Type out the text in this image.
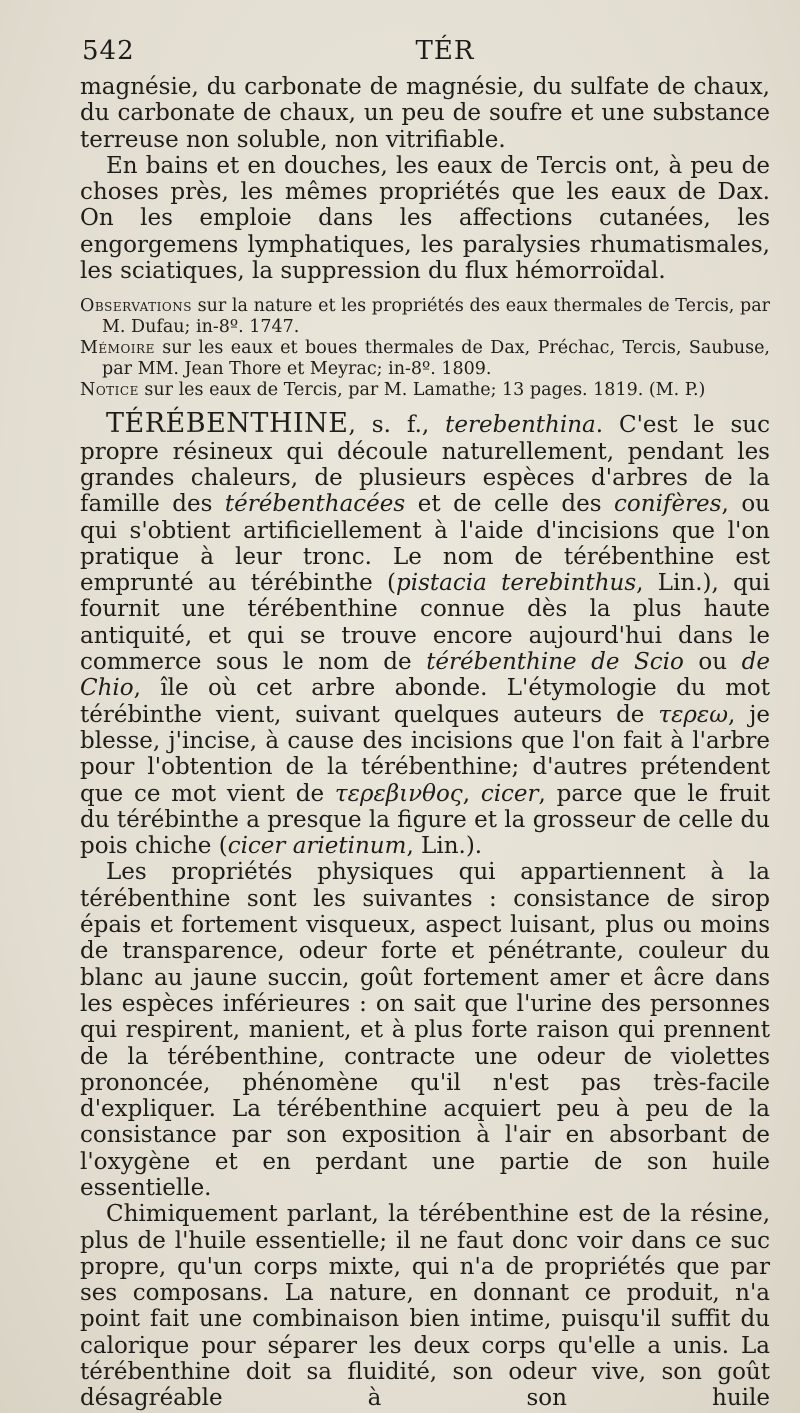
542	TÉR

magnésie, du carbonate de magnésie, du sulfate de chaux, du carbonate de chaux, un peu de soufre et une substance terreuse non soluble, non vitrifiable.

En bains et en douches, les eaux de Tercis ont, à peu de choses près, les mêmes propriétés que les eaux de Dax. On les emploie dans les affections cutanées, les engorgemens lymphatiques, les paralysies rhumatismales, les sciatiques, la suppression du flux hémorroïdal.

Observations sur la nature et les propriétés des eaux thermales de Tercis, par M. Dufau; in-8º. 1747.

Mémoire sur les eaux et boues thermales de Dax, Préchac, Tercis, Saubuse, par MM. Jean Thore et Meyrac; in-8º. 1809.

Notice sur les eaux de Tercis, par M. Lamathe; 13 pages. 1819. (M. P.)

TÉRÉBENTHINE, s. f., terebenthina. C'est le suc propre résineux qui découle naturellement, pendant les grandes chaleurs, de plusieurs espèces d'arbres de la famille des térébenthacées et de celle des conifères, ou qui s'obtient artificiellement à l'aide d'incisions que l'on pratique à leur tronc. Le nom de térébenthine est emprunté au térébinthe (pistacia terebinthus, Lin.), qui fournit une térébenthine connue dès la plus haute antiquité, et qui se trouve encore aujourd'hui dans le commerce sous le nom de térébenthine de Scio ou de Chio, île où cet arbre abonde. L'étymologie du mot térébinthe vient, suivant quelques auteurs de τερεω, je blesse, j'incise, à cause des incisions que l'on fait à l'arbre pour l'obtention de la térébenthine; d'autres prétendent que ce mot vient de τερεβινθος, cicer, parce que le fruit du térébinthe a presque la figure et la grosseur de celle du pois chiche (cicer arietinum, Lin.).

Les propriétés physiques qui appartiennent à la térébenthine sont les suivantes : consistance de sirop épais et fortement visqueux, aspect luisant, plus ou moins de transparence, odeur forte et pénétrante, couleur du blanc au jaune succin, goût fortement amer et âcre dans les espèces inférieures : on sait que l'urine des personnes qui respirent, manient, et à plus forte raison qui prennent de la térébenthine, contracte une odeur de violettes prononcée, phénomène qu'il n'est pas très-facile d'expliquer. La térébenthine acquiert peu à peu de la consistance par son exposition à l'air en absorbant de l'oxygène et en perdant une partie de son huile essentielle.

Chimiquement parlant, la térébenthine est de la résine, plus de l'huile essentielle; il ne faut donc voir dans ce suc propre, qu'un corps mixte, qui n'a de propriétés que par ses composans. La nature, en donnant ce produit, n'a point fait une combinaison bien intime, puisqu'il suffit du calorique pour séparer les deux corps qu'elle a unis. La térébenthine doit sa fluidité, son odeur vive, son goût désagréable à son huile
